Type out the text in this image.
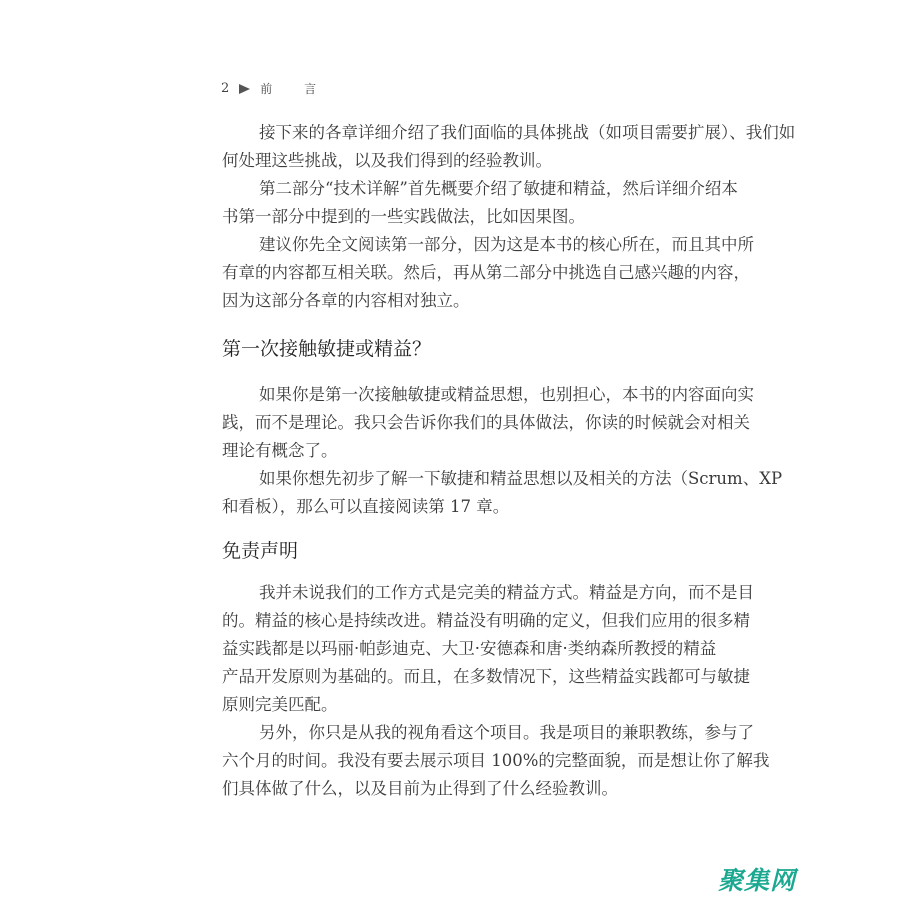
2	前 言
接下来的各章详细介绍了我们面临的具体挑战（如项目需要扩展）、我们如
何处理这些挑战，以及我们得到的经验教训。
第二部分“技术详解”首先概要介绍了敏捷和精益，然后详细介绍本
书第一部分中提到的一些实践做法，比如因果图。
建议你先全文阅读第一部分，因为这是本书的核心所在，而且其中所
有章的内容都互相关联。然后，再从第二部分中挑选自己感兴趣的内容，
因为这部分各章的内容相对独立。
第一次接触敏捷或精益？
如果你是第一次接触敏捷或精益思想，也别担心，本书的内容面向实
践，而不是理论。我只会告诉你我们的具体做法，你读的时候就会对相关
理论有概念了。
如果你想先初步了解一下敏捷和精益思想以及相关的方法（Scrum、XP
和看板），那么可以直接阅读第 17 章。
免责声明
我并未说我们的工作方式是完美的精益方式。精益是方向，而不是目
的。精益的核心是持续改进。精益没有明确的定义，但我们应用的很多精
益实践都是以玛丽·帕彭迪克、大卫·安德森和唐·类纳森所教授的精益
产品开发原则为基础的。而且，在多数情况下，这些精益实践都可与敏捷
原则完美匹配。
另外，你只是从我的视角看这个项目。我是项目的兼职教练，参与了
六个月的时间。我没有要去展示项目 100%的完整面貌，而是想让你了解我
们具体做了什么，以及目前为止得到了什么经验教训。
聚集网
